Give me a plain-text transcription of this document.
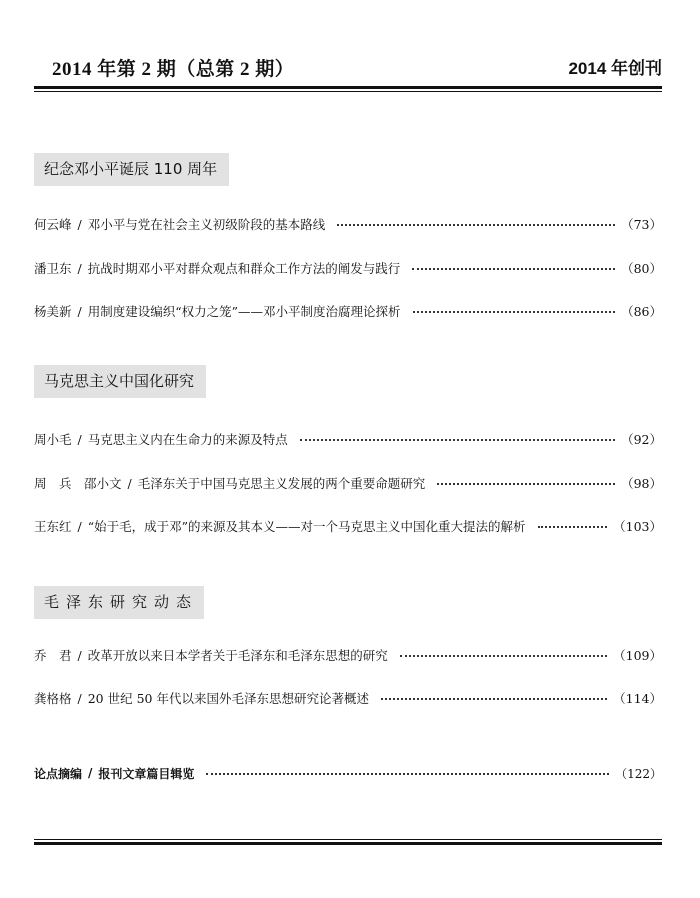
2014 年第 2 期（总第 2 期）	2014 年创刊
纪念邓小平诞辰 110 周年
何云峰 / 邓小平与党在社会主义初级阶段的基本路线	（73）
潘卫东 / 抗战时期邓小平对群众观点和群众工作方法的阐发与践行	（80）
杨美新 / 用制度建设编织“权力之笼”——邓小平制度治腐理论探析	（86）
马克思主义中国化研究
周小毛 / 马克思主义内在生命力的来源及特点	（92）
周　兵　邵小文 / 毛泽东关于中国马克思主义发展的两个重要命题研究	（98）
王东红 / “始于毛，成于邓”的来源及其本义——对一个马克思主义中国化重大提法的解析	（103）
毛泽东研究动态
乔　君 / 改革开放以来日本学者关于毛泽东和毛泽东思想的研究	（109）
龚格格 / 20 世纪 50 年代以来国外毛泽东思想研究论著概述	（114）
论点摘编 / 报刊文章篇目辑览	（122）
